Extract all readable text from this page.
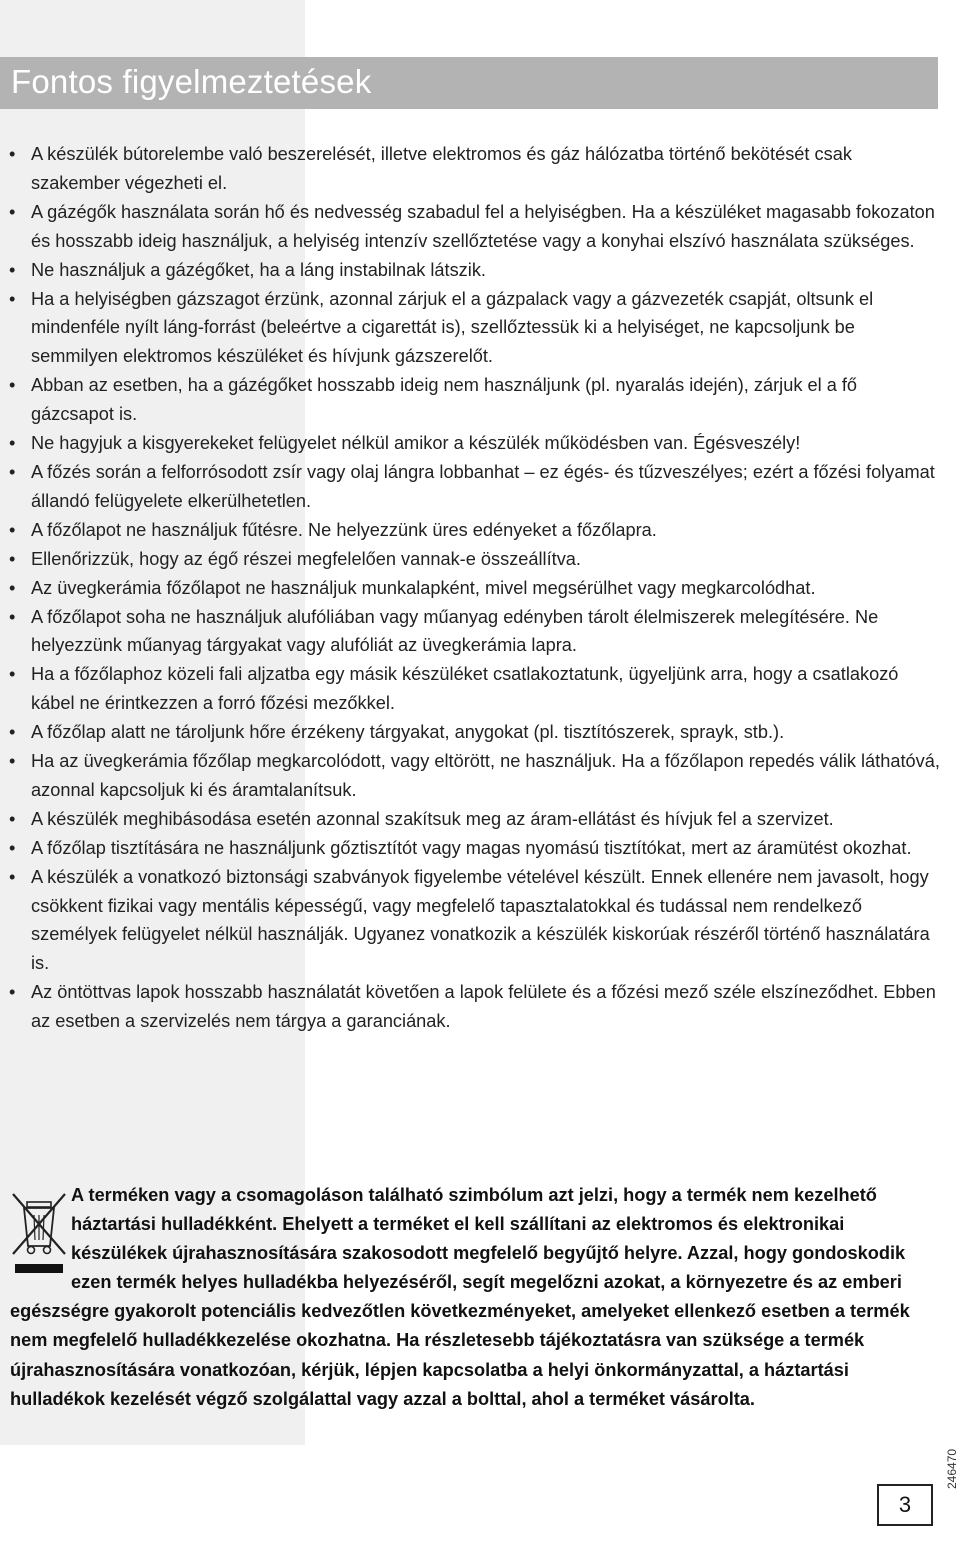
Fontos figyelmeztetések
• A készülék bútorelembe való beszerelését, illetve elektromos és gáz hálózatba történő bekötését csak szakember végezheti el.
• A gázégők használata során hő és nedvesség szabadul fel a helyiségben. Ha a készüléket magasabb fokozaton és hosszabb ideig használjuk, a helyiség intenzív szellőztetése vagy a konyhai elszívó használata szükséges.
• Ne használjuk a gázégőket, ha a láng instabilnak látszik.
• Ha a helyiségben gázszagot érzünk, azonnal zárjuk el a gázpalack vagy a gázvezeték csapját, oltsunk el mindenféle nyílt láng-forrást (beleértve a cigarettát is), szellőztessük ki a helyiséget, ne kapcsoljunk be semmilyen elektromos készüléket és hívjunk gázszerelőt.
• Abban az esetben, ha a gázégőket hosszabb ideig nem használjunk (pl. nyaralás idején), zárjuk el a fő gázcsapot is.
• Ne hagyjuk a kisgyerekeket felügyelet nélkül amikor a készülék működésben van. Égésveszély!
• A főzés során a felforrósodott zsír vagy olaj lángra lobbanhat – ez égés- és tűzveszélyes; ezért a főzési folyamat állandó felügyelete elkerülhetetlen.
• A főzőlapot ne használjuk fűtésre. Ne helyezzünk üres edényeket a főzőlapra.
• Ellenőrizzük, hogy az égő részei megfelelően vannak-e összeállítva.
• Az üvegkerámia főzőlapot ne használjuk munkalapként, mivel megsérülhet vagy megkarcolódhat.
• A főzőlapot soha ne használjuk alufóliában vagy műanyag edényben tárolt élelmiszerek melegítésére. Ne helyezzünk műanyag tárgyakat vagy alufóliát az üvegkerámia lapra.
• Ha a főzőlaphoz közeli fali aljzatba egy másik készüléket csatlakoztatunk, ügyeljünk arra, hogy a csatlakozó kábel ne érintkezzen a forró főzési mezőkkel.
• A főzőlap alatt ne tároljunk hőre érzékeny tárgyakat, anygokat (pl. tisztítószerek, sprayk, stb.).
• Ha az üvegkerámia főzőlap megkarcolódott, vagy eltörött, ne használjuk. Ha a főzőlapon repedés válik láthatóvá, azonnal kapcsoljuk ki és áramtalanítsuk.
• A készülék meghibásodása esetén azonnal szakítsuk meg az áram-ellátást és hívjuk fel a szervizet.
• A főzőlap tisztítására ne használjunk gőztisztítót vagy magas nyomású tisztítókat, mert az áramütést okozhat.
• A készülék a vonatkozó biztonsági szabványok figyelembe vételével készült. Ennek ellenére nem javasolt, hogy csökkent fizikai vagy mentális képességű, vagy megfelelő tapasztalatokkal és tudással nem rendelkező személyek felügyelet nélkül használják. Ugyanez vonatkozik a készülék kiskorúak részéről történő használatára is.
• Az öntöttvas lapok hosszabb használatát követően a lapok felülete és a főzési mező széle elszíneződhet. Ebben az esetben a szervizelés nem tárgya a garanciának.
A terméken vagy a csomagoláson található szimbólum azt jelzi, hogy a termék nem kezelhető háztartási hulladékként. Ehelyett a terméket el kell szállítani az elektromos és elektronikai készülékek újrahasznosítására szakosodott megfelelő begyűjtő helyre. Azzal, hogy gondoskodik ezen termék helyes hulladékba helyezéséről, segít megelőzni azokat, a környezetre és az emberi egészségre gyakorolt potenciális kedvezőtlen következményeket, amelyeket ellenkező esetben a termék nem megfelelő hulladékkezelése okozhatna. Ha részletesebb tájékoztatásra van szüksége a termék újrahasznosítására vonatkozóan, kérjük, lépjen kapcsolatba a helyi önkormányzattal, a háztartási hulladékok kezelését végző szolgálattal vagy azzal a bolttal, ahol a terméket vásárolta.
246470
3
